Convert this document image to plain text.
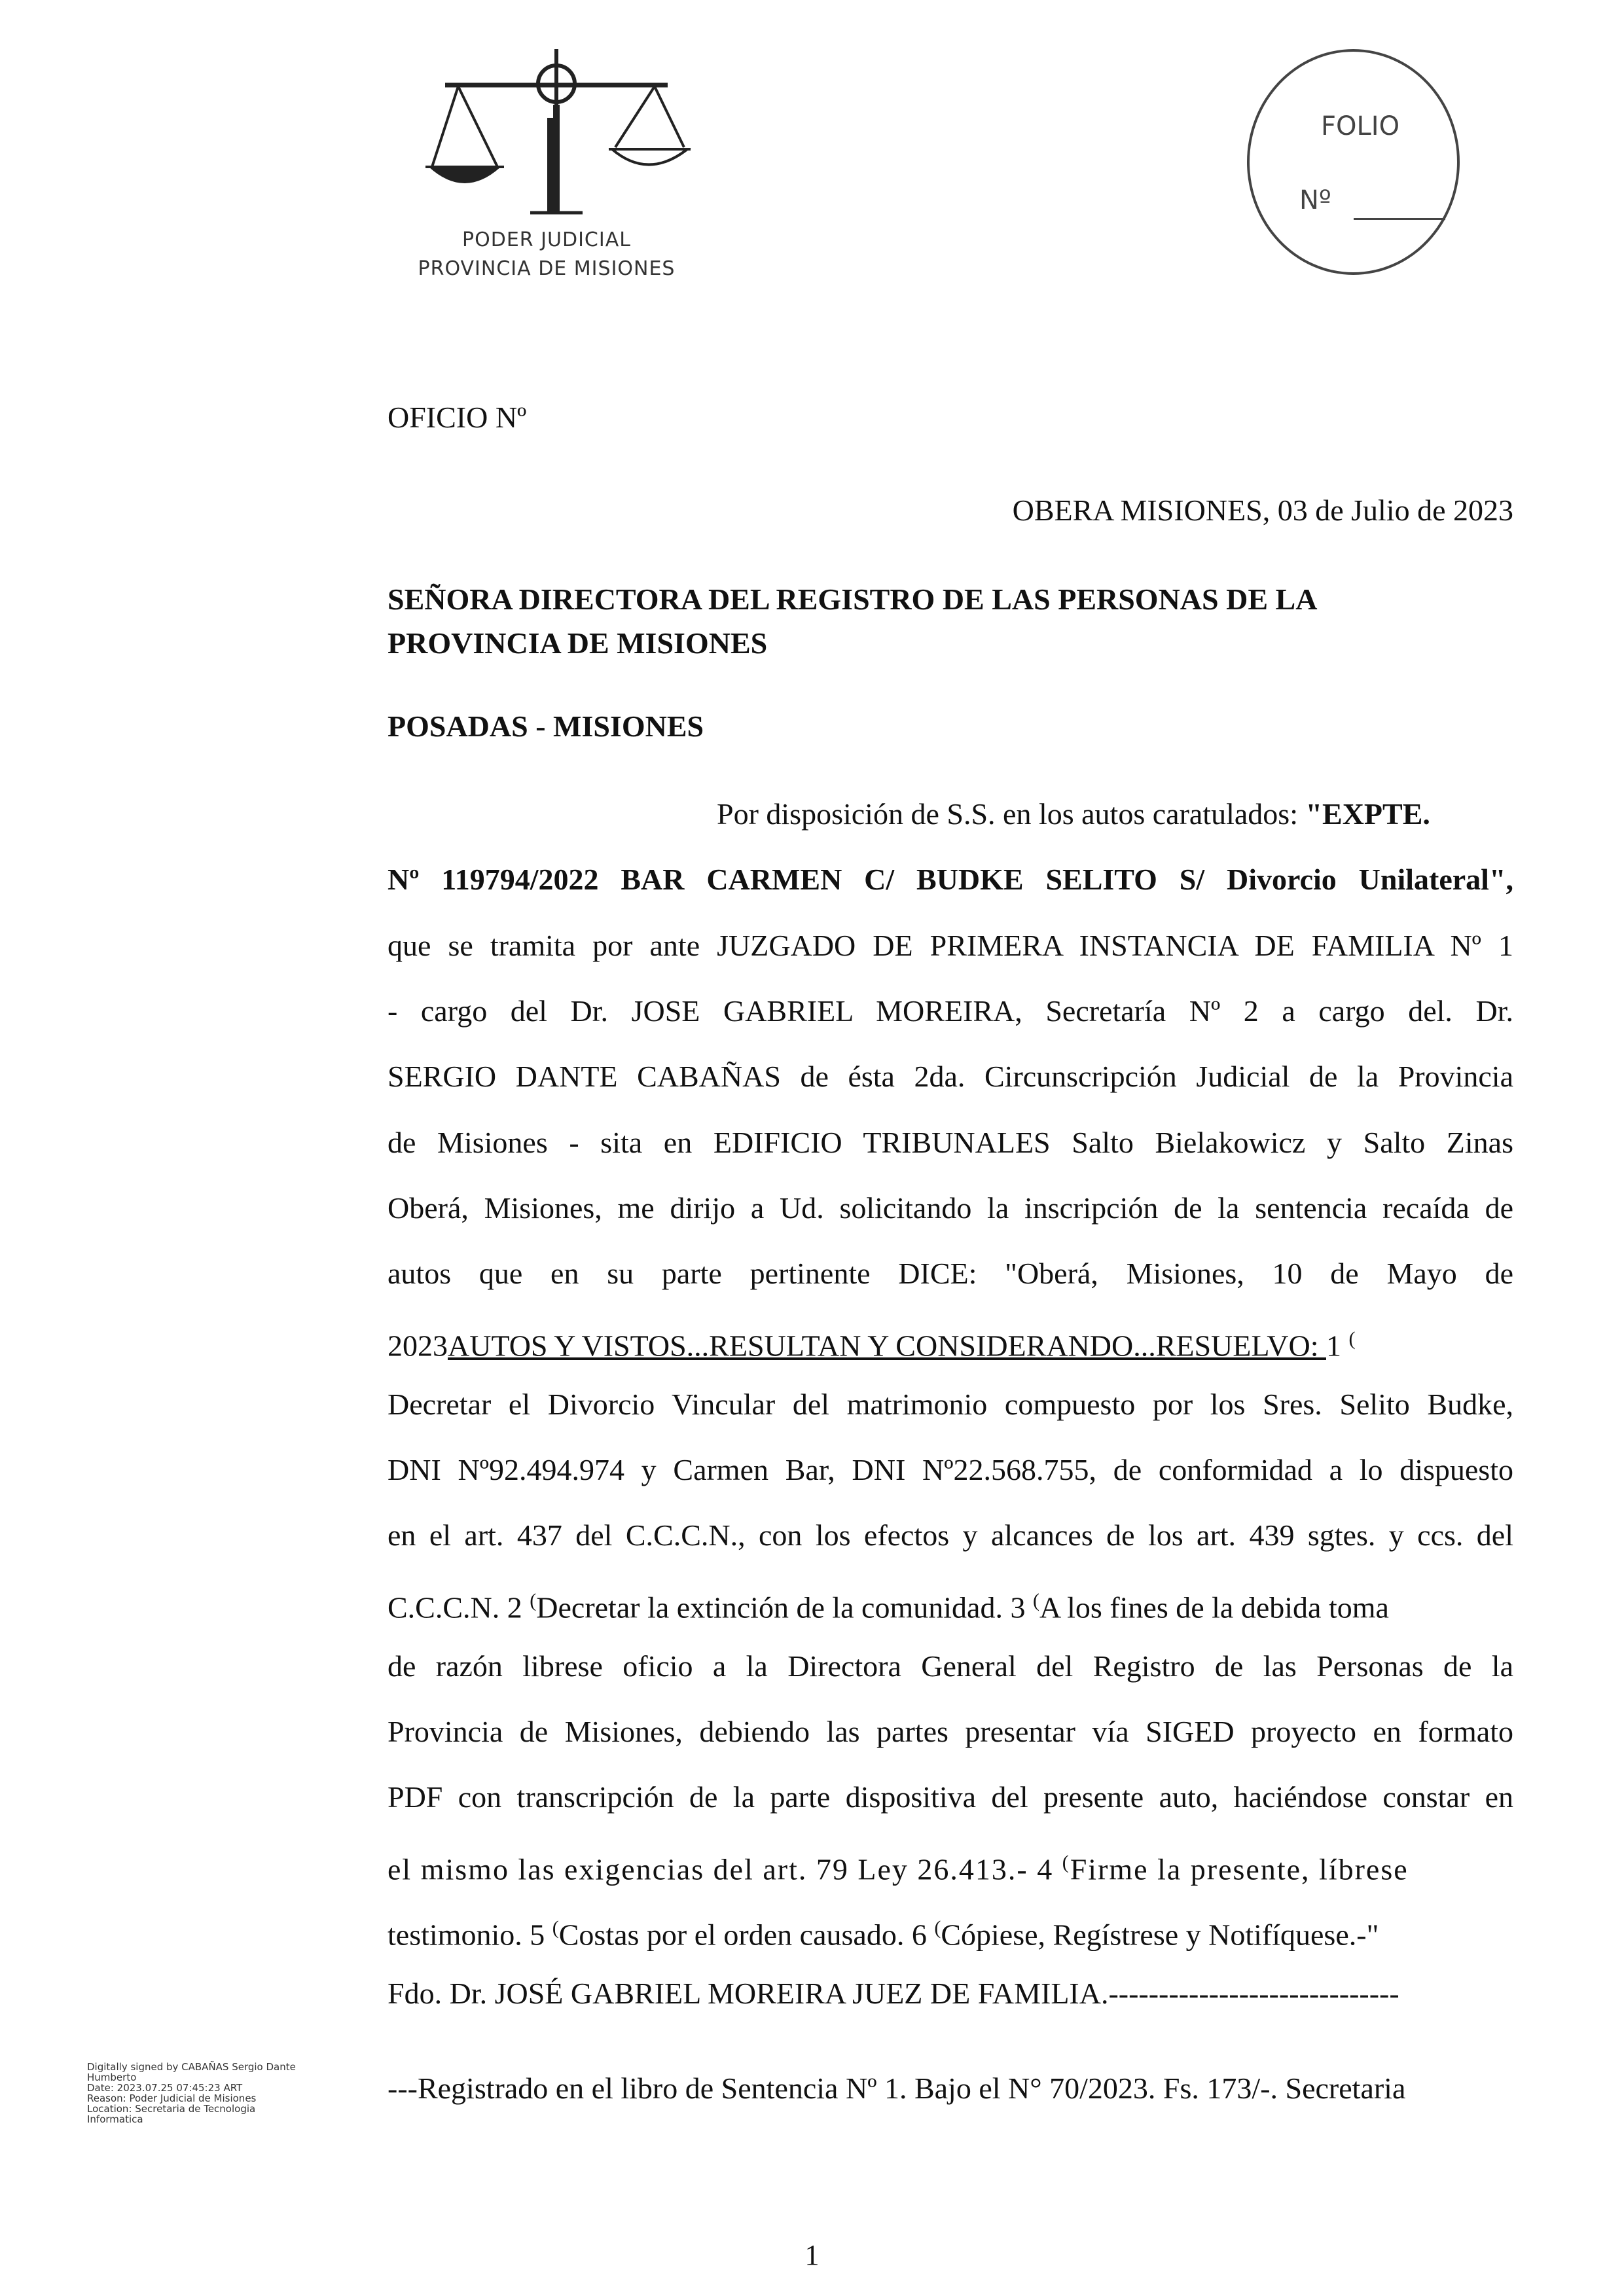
PODER JUDICIAL
PROVINCIA DE MISIONES
FOLIO
Nº
OFICIO Nº
OBERA MISIONES, 03 de Julio de 2023
SEÑORA DIRECTORA DEL REGISTRO DE LAS PERSONAS DE LA
PROVINCIA DE MISIONES
POSADAS - MISIONES
Por disposición de S.S. en los autos caratulados: "EXPTE.
Nº 119794/2022 BAR CARMEN C/ BUDKE SELITO S/ Divorcio Unilateral",
que se tramita por ante JUZGADO DE PRIMERA INSTANCIA DE FAMILIA Nº 1
- cargo del Dr. JOSE GABRIEL MOREIRA, Secretaría Nº 2 a cargo del. Dr.
SERGIO DANTE CABAÑAS de ésta 2da. Circunscripción Judicial de la Provincia
de Misiones - sita en EDIFICIO TRIBUNALES Salto Bielakowicz y Salto Zinas
Oberá, Misiones, me dirijo a Ud. solicitando la inscripción de la sentencia recaída de
autos que en su parte pertinente DICE: "Oberá, Misiones, 10 de Mayo de
2023AUTOS Y VISTOS...RESULTAN Y CONSIDERANDO...RESUELVO: 1 (
Decretar el Divorcio Vincular del matrimonio compuesto por los Sres. Selito Budke,
DNI Nº92.494.974 y Carmen Bar, DNI Nº22.568.755, de conformidad a lo dispuesto
en el art. 437 del C.C.C.N., con los efectos y alcances de los art. 439 sgtes. y ccs. del
C.C.C.N. 2 (Decretar la extinción de la comunidad. 3 (A los fines de la debida toma
de razón librese oficio a la Directora General del Registro de las Personas de la
Provincia de Misiones, debiendo las partes presentar vía SIGED proyecto en formato
PDF con transcripción de la parte dispositiva del presente auto, haciéndose constar en
el mismo las exigencias del art. 79 Ley 26.413.- 4 (Firme la presente, líbrese
testimonio. 5 (Costas por el orden causado. 6 (Cópiese, Regístrese y Notifíquese.-"
Fdo. Dr. JOSÉ GABRIEL MOREIRA JUEZ DE FAMILIA.-----------------------------
---Registrado en el libro de Sentencia Nº 1. Bajo el N° 70/2023. Fs. 173/-. Secretaria
Digitally signed by CABAÑAS Sergio Dante
Humberto
Date: 2023.07.25 07:45:23 ART
Reason: Poder Judicial de Misiones
Location: Secretaria de Tecnologia
Informatica
1
